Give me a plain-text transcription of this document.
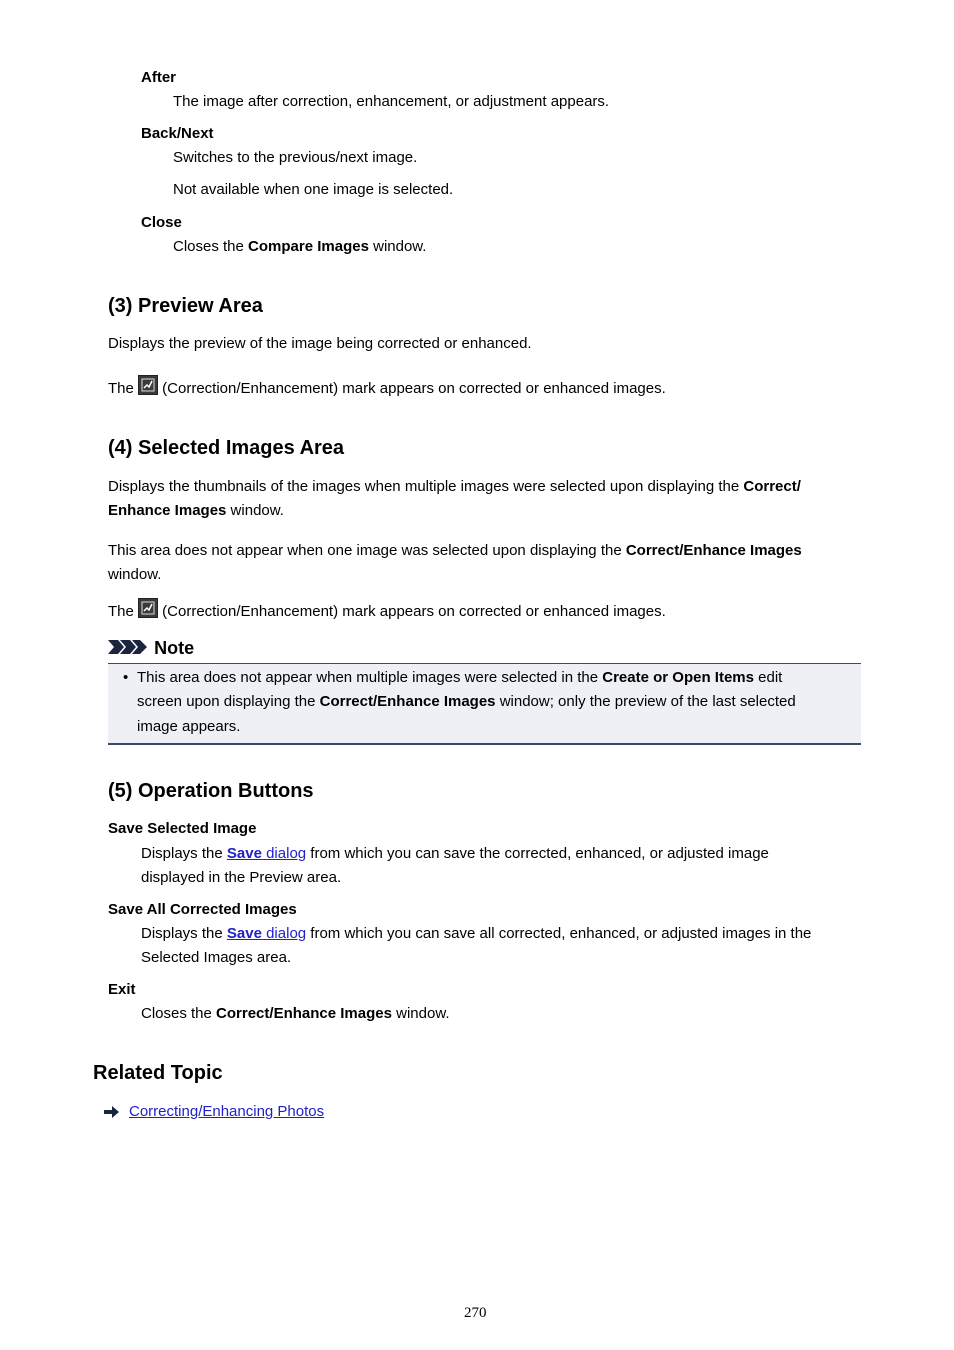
After
The image after correction, enhancement, or adjustment appears.
Back/Next
Switches to the previous/next image.
Not available when one image is selected.
Close
Closes the Compare Images window.
(3) Preview Area
Displays the preview of the image being corrected or enhanced.
The
(Correction/Enhancement) mark appears on corrected or enhanced images.
(4) Selected Images Area
Displays the thumbnails of the images when multiple images were selected upon displaying the Correct/
Enhance Images window.
This area does not appear when one image was selected upon displaying the Correct/Enhance Images
window.
The
(Correction/Enhancement) mark appears on corrected or enhanced images.
Note
• This area does not appear when multiple images were selected in the Create or Open Items edit
screen upon displaying the Correct/Enhance Images window; only the preview of the last selected
image appears.
(5) Operation Buttons
Save Selected Image
Displays the Save dialog from which you can save the corrected, enhanced, or adjusted image
displayed in the Preview area.
Save All Corrected Images
Displays the Save dialog from which you can save all corrected, enhanced, or adjusted images in the
Selected Images area.
Exit
Closes the Correct/Enhance Images window.
Related Topic
Correcting/Enhancing Photos
270
